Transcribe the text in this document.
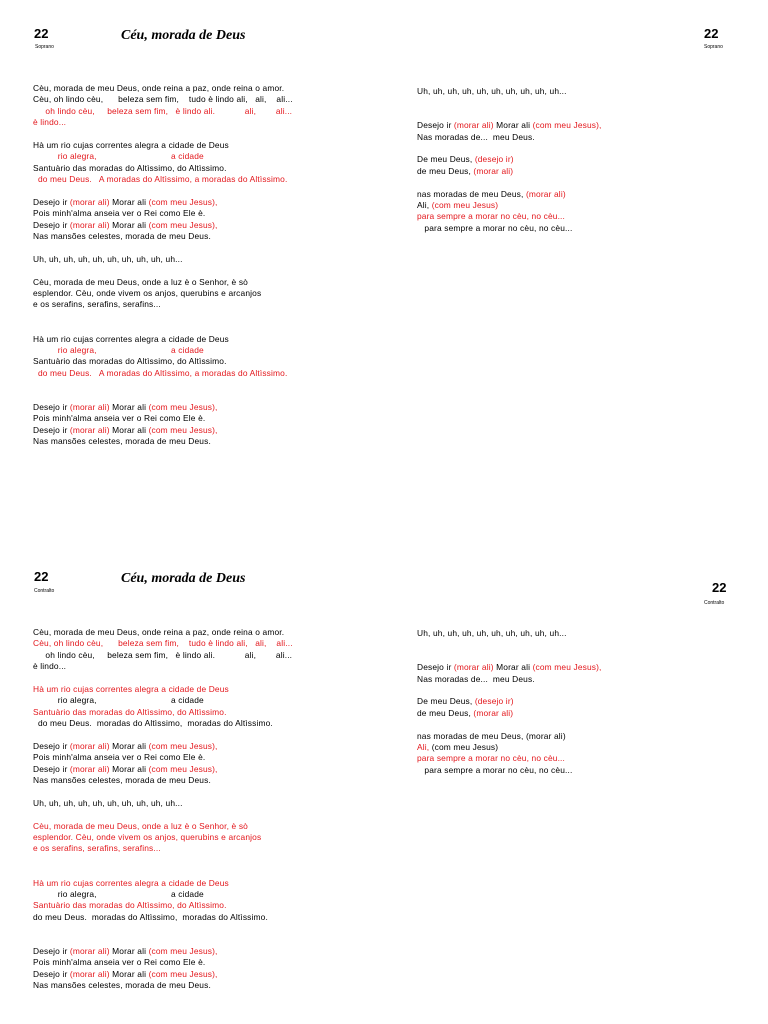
22
Soprano
Céu, morada de Deus	22
Soprano
Cèu, morada de meu Deus, onde reina a paz, onde reina o amor.
Cèu, oh lindo cèu,      beleza sem fim,    tudo è lindo ali,   ali,    ali...
oh lindo cèu,     beleza sem fim,   è lindo ali.            ali,        ali...
è lindo...
Hà um rio cujas correntes alegra a cidade de Deus
rio alegra,                              a cidade
Santuàrio das moradas do Altìssimo, do Altìssimo.
do meu Deus.   A moradas do Altìssimo, a moradas do Altìssimo.
Desejo ir (morar ali) Morar ali (com meu Jesus),
Pois minh'alma anseia ver o Rei como Ele è.
Desejo ir (morar ali) Morar ali (com meu Jesus),
Nas mansões celestes, morada de meu Deus.
Uh, uh, uh, uh, uh, uh, uh, uh, uh, uh...
Cèu, morada de meu Deus, onde a luz è o Senhor, è sò
esplendor. Cèu, onde vivem os anjos, querubins e arcanjos
e os serafins, serafins, serafins...
Hà um rio cujas correntes alegra a cidade de Deus
rio alegra,                              a cidade
Santuàrio das moradas do Altìssimo, do Altìssimo.
do meu Deus.   A moradas do Altìssimo, a moradas do Altìssimo.
Desejo ir (morar ali) Morar ali (com meu Jesus),
Pois minh'alma anseia ver o Rei como Ele è.
Desejo ir (morar ali) Morar ali (com meu Jesus),
Nas mansões celestes, morada de meu Deus.
Uh, uh, uh, uh, uh, uh, uh, uh, uh, uh...
Desejo ir (morar ali) Morar ali (com meu Jesus),
Nas moradas de...  meu Deus.
De meu Deus, (desejo ir)
de meu Deus, (morar ali)
nas moradas de meu Deus, (morar ali)
Ali, (com meu Jesus)
para sempre a morar no cèu, no cèu...
para sempre a morar no cèu, no cèu...
22
Contralto
Céu, morada de Deus
22
Contralto
Cèu, morada de meu Deus, onde reina a paz, onde reina o amor.
Cèu, oh lindo cèu,      beleza sem fim,    tudo è lindo ali,   ali,    ali...
oh lindo cèu,     beleza sem fim,   è lindo ali.            ali,        ali...
è lindo...
Hà um rio cujas correntes alegra a cidade de Deus
rio alegra,                              a cidade
Santuàrio das moradas do Altìssimo, do Altìssimo.
do meu Deus.  moradas do Altìssimo,  moradas do Altìssimo.
Desejo ir (morar ali) Morar ali (com meu Jesus),
Pois minh'alma anseia ver o Rei como Ele è.
Desejo ir (morar ali) Morar ali (com meu Jesus),
Nas mansões celestes, morada de meu Deus.
Uh, uh, uh, uh, uh, uh, uh, uh, uh, uh...
Cèu, morada de meu Deus, onde a luz è o Senhor, è sò
esplendor. Cèu, onde vivem os anjos, querubins e arcanjos
e os serafins, serafins, serafins...
Hà um rio cujas correntes alegra a cidade de Deus
rio alegra,                              a cidade
Santuàrio das moradas do Altìssimo, do Altìssimo.
do meu Deus.  moradas do Altìssimo,  moradas do Altìssimo.
Desejo ir (morar ali) Morar ali (com meu Jesus),
Pois minh'alma anseia ver o Rei como Ele è.
Desejo ir (morar ali) Morar ali (com meu Jesus),
Nas mansões celestes, morada de meu Deus.
Uh, uh, uh, uh, uh, uh, uh, uh, uh, uh...
Desejo ir (morar ali) Morar ali (com meu Jesus),
Nas moradas de...  meu Deus.
De meu Deus, (desejo ir)
de meu Deus, (morar ali)
nas moradas de meu Deus, (morar ali)
Ali, (com meu Jesus)
para sempre a morar no cèu, no cèu...
para sempre a morar no cèu, no cèu...
